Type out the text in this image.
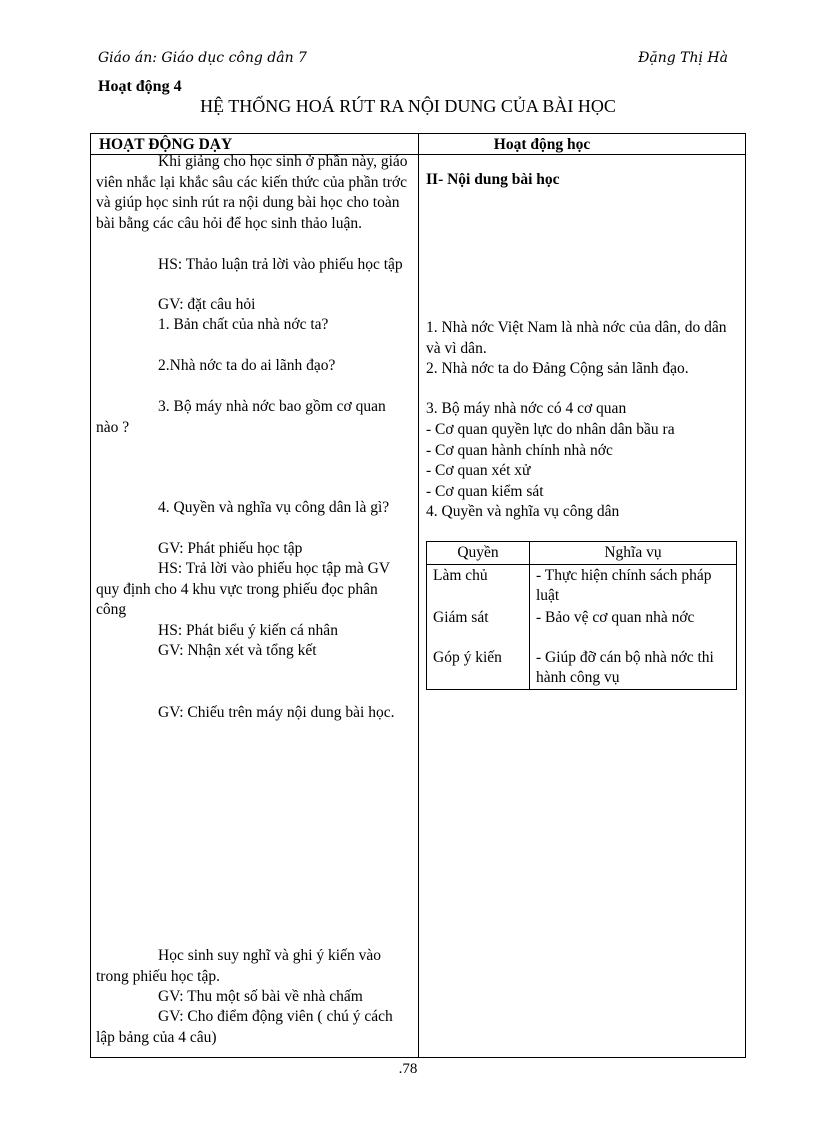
Giáo án: Giáo dục công dân 7	Đặng Thị Hà
Hoạt động 4
HỆ THỐNG HOÁ RÚT RA NỘI DUNG CỦA BÀI HỌC
HOẠT ĐỘNG DẠY	Hoạt động học

Khi giảng cho học sinh ở phần này, giáo viên nhắc lại khắc sâu các kiến thức của phần trớc và giúp học sinh rút ra nội dung bài học cho toàn bài bằng các câu hỏi để học sinh thảo luận.

HS: Thảo luận trả lời vào phiếu học tập

GV: đặt câu hỏi

1. Bản chất của nhà nớc ta?

2.Nhà nớc ta do ai lãnh đạo?

3. Bộ máy nhà nớc bao gồm cơ quan nào ?

4. Quyền và nghĩa vụ công dân là gì?

GV: Phát phiếu học tập

HS: Trả lời vào phiếu học tập mà GV quy định cho 4 khu vực trong phiếu đọc phân công

HS: Phát biểu ý kiến cá nhân

GV: Nhận xét và tổng kết

GV: Chiếu trên máy nội dung bài học.

Học sinh suy nghĩ và ghi ý kiến vào trong phiếu học tập.

GV: Thu một số bài về nhà chấm

GV: Cho điểm động viên ( chú ý cách lập bảng của 4 câu)

II- Nội dung bài học
1. Nhà nớc Việt Nam là nhà nớc của dân, do dân và vì dân.
2. Nhà nớc ta do Đảng Cộng sản lãnh đạo.
3. Bộ máy nhà nớc có 4 cơ quan

- Cơ quan quyền lực do nhân dân bầu ra

- Cơ quan hành chính nhà nớc

- Cơ quan xét xử

- Cơ quan kiểm sát

4. Quyền và nghĩa vụ công dân
Quyền	Nghĩa vụ
Làm chủ	- Thực hiện chính sách pháp luật
Giám sát	- Bảo vệ cơ quan nhà nớc
Góp ý kiến	- Giúp đỡ cán bộ nhà nớc thi hành công vụ
.78
